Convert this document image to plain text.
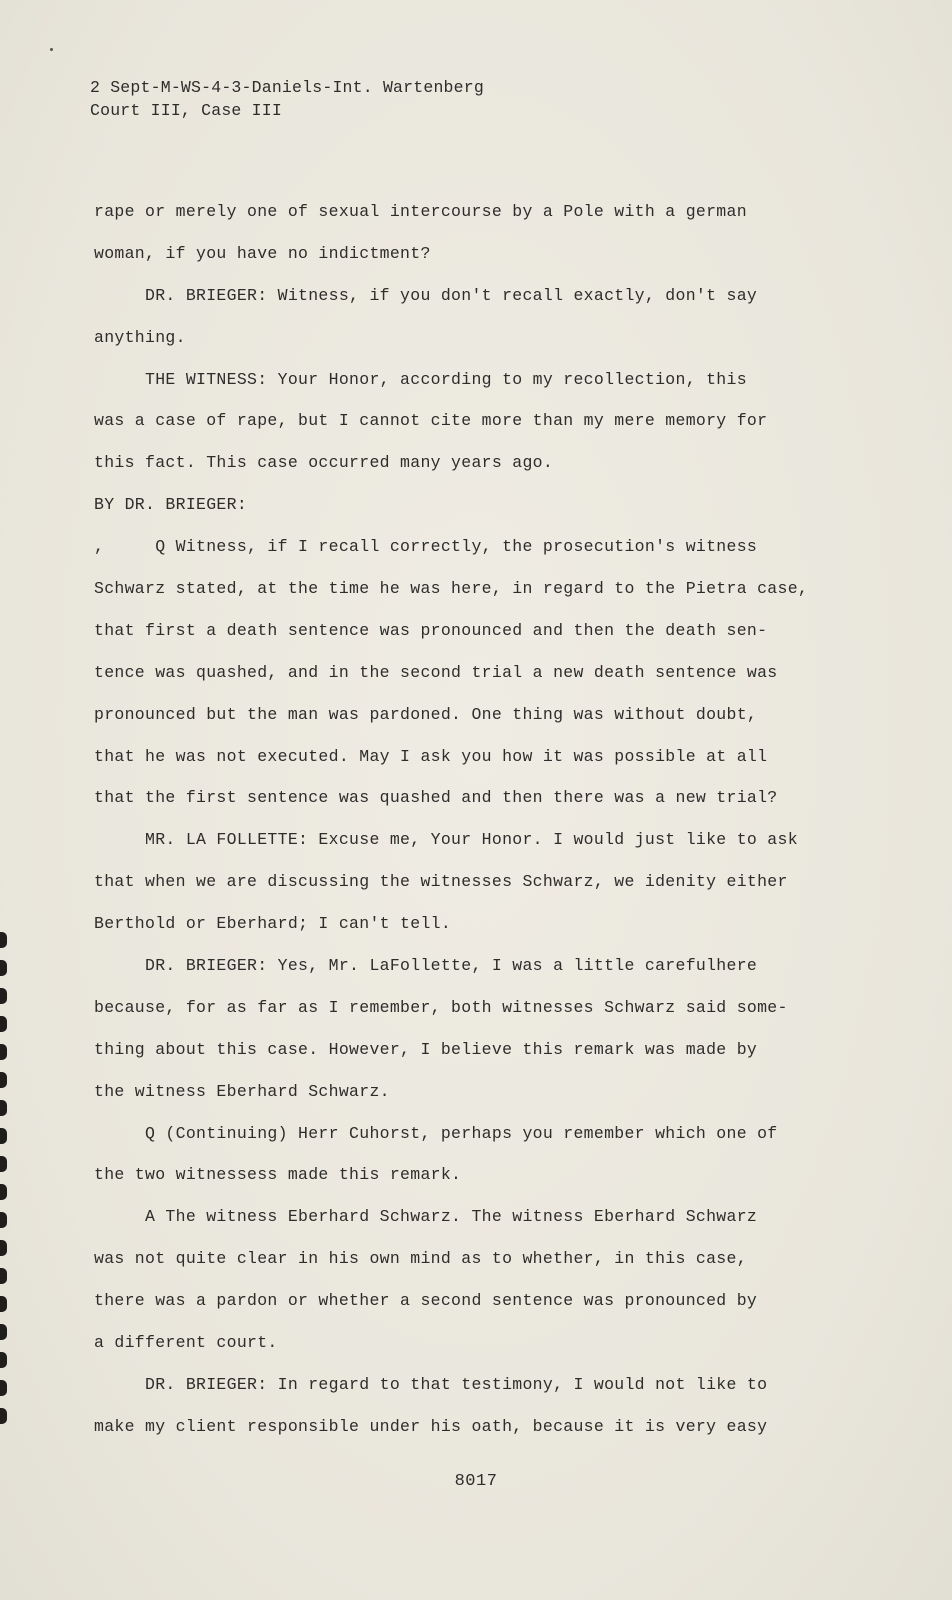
2 Sept-M-WS-4-3-Daniels-Int. Wartenberg
Court III, Case III
rape or merely one of sexual intercourse by a Pole with a german
woman, if you have no indictment?
DR. BRIEGER: Witness, if you don't recall exactly, don't say
anything.
THE WITNESS: Your Honor, according to my recollection, this
was a case of rape, but I cannot cite more than my mere memory for
this fact. This case occurred many years ago.
BY DR. BRIEGER:
,     Q Witness, if I recall correctly, the prosecution's witness
Schwarz stated, at the time he was here, in regard to the Pietra case,
that first a death sentence was pronounced and then the death sen-
tence was quashed, and in the second trial a new death sentence was
pronounced but the man was pardoned. One thing was without doubt,
that he was not executed. May I ask you how it was possible at all
that the first sentence was quashed and then there was a new trial?
MR. LA FOLLETTE: Excuse me, Your Honor. I would just like to ask
that when we are discussing the witnesses Schwarz, we idenity either
Berthold or Eberhard; I can't tell.
DR. BRIEGER: Yes, Mr. LaFollette, I was a little carefulhere
because, for as far as I remember, both witnesses Schwarz said some-
thing about this case. However, I believe this remark was made by
the witness Eberhard Schwarz.
Q (Continuing) Herr Cuhorst, perhaps you remember which one of
the two witnessess made this remark.
A The witness Eberhard Schwarz. The witness Eberhard Schwarz
was not quite clear in his own mind as to whether, in this case,
there was a pardon or whether a second sentence was pronounced by
a different court.
DR. BRIEGER: In regard to that testimony, I would not like to
make my client responsible under his oath, because it is very easy
8017
